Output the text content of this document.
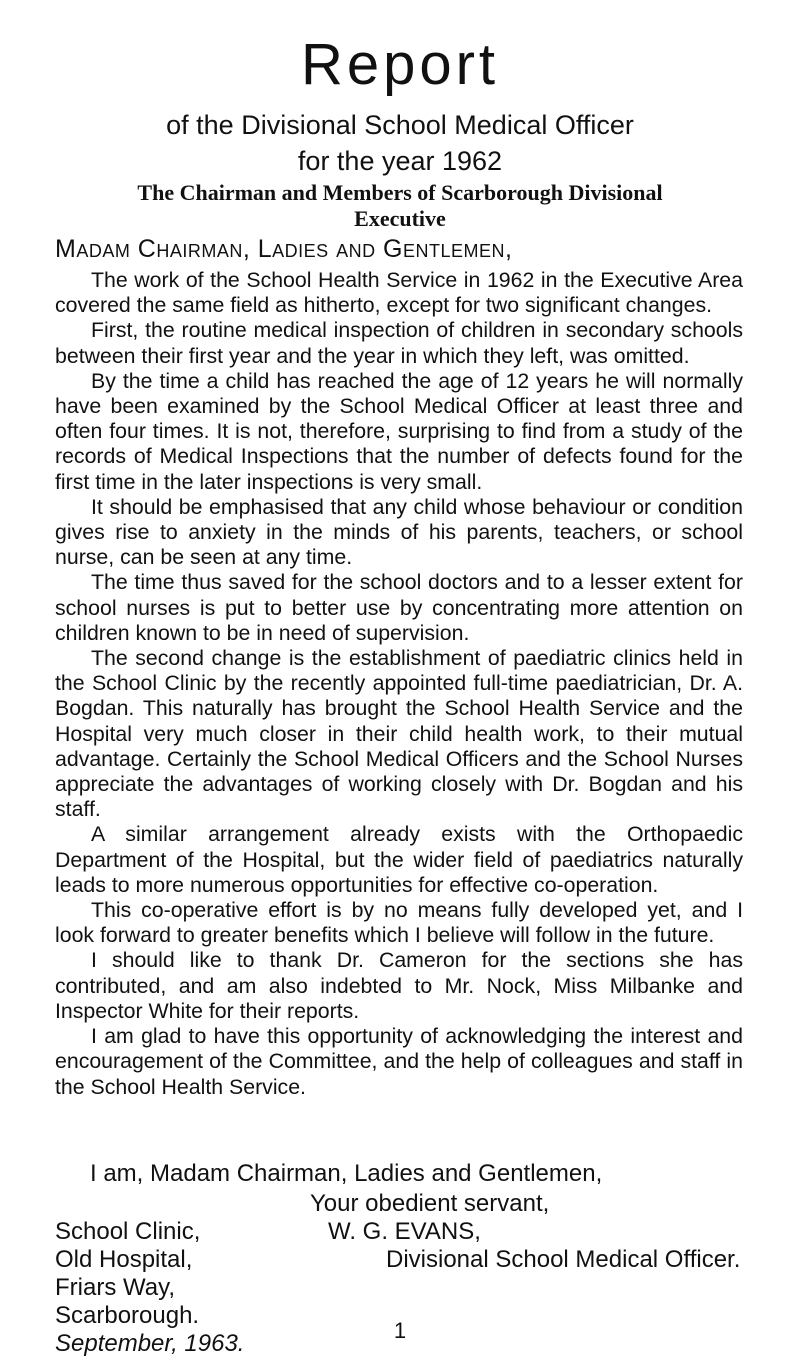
Report
of the Divisional School Medical Officer
for the year 1962
The Chairman and Members of Scarborough Divisional
Executive
Madam Chairman, Ladies and Gentlemen,

The work of the School Health Service in 1962 in the Executive Area covered the same field as hitherto, except for two significant changes.

First, the routine medical inspection of children in secondary schools between their first year and the year in which they left, was omitted.

By the time a child has reached the age of 12 years he will normally have been examined by the School Medical Officer at least three and often four times. It is not, therefore, surprising to find from a study of the records of Medical Inspections that the number of defects found for the first time in the later inspections is very small.

It should be emphasised that any child whose behaviour or condition gives rise to anxiety in the minds of his parents, teachers, or school nurse, can be seen at any time.

The time thus saved for the school doctors and to a lesser extent for school nurses is put to better use by concentrating more attention on children known to be in need of supervision.

The second change is the establishment of paediatric clinics held in the School Clinic by the recently appointed full-time paediatrician, Dr. A. Bogdan. This naturally has brought the School Health Service and the Hospital very much closer in their child health work, to their mutual advantage. Certainly the School Medical Officers and the School Nurses appreciate the advantages of working closely with Dr. Bogdan and his staff.

A similar arrangement already exists with the Orthopaedic Department of the Hospital, but the wider field of paediatrics naturally leads to more numerous opportunities for effective co-operation.

This co-operative effort is by no means fully developed yet, and I look forward to greater benefits which I believe will follow in the future.

I should like to thank Dr. Cameron for the sections she has contributed, and am also indebted to Mr. Nock, Miss Milbanke and Inspector White for their reports.

I am glad to have this opportunity of acknowledging the interest and encouragement of the Committee, and the help of colleagues and staff in the School Health Service.

I am, Madam Chairman, Ladies and Gentlemen,
Your obedient servant,
W. G. EVANS,
Divisional School Medical Officer.
School Clinic,
Old Hospital,
Friars Way,
Scarborough.
September, 1963.	1
